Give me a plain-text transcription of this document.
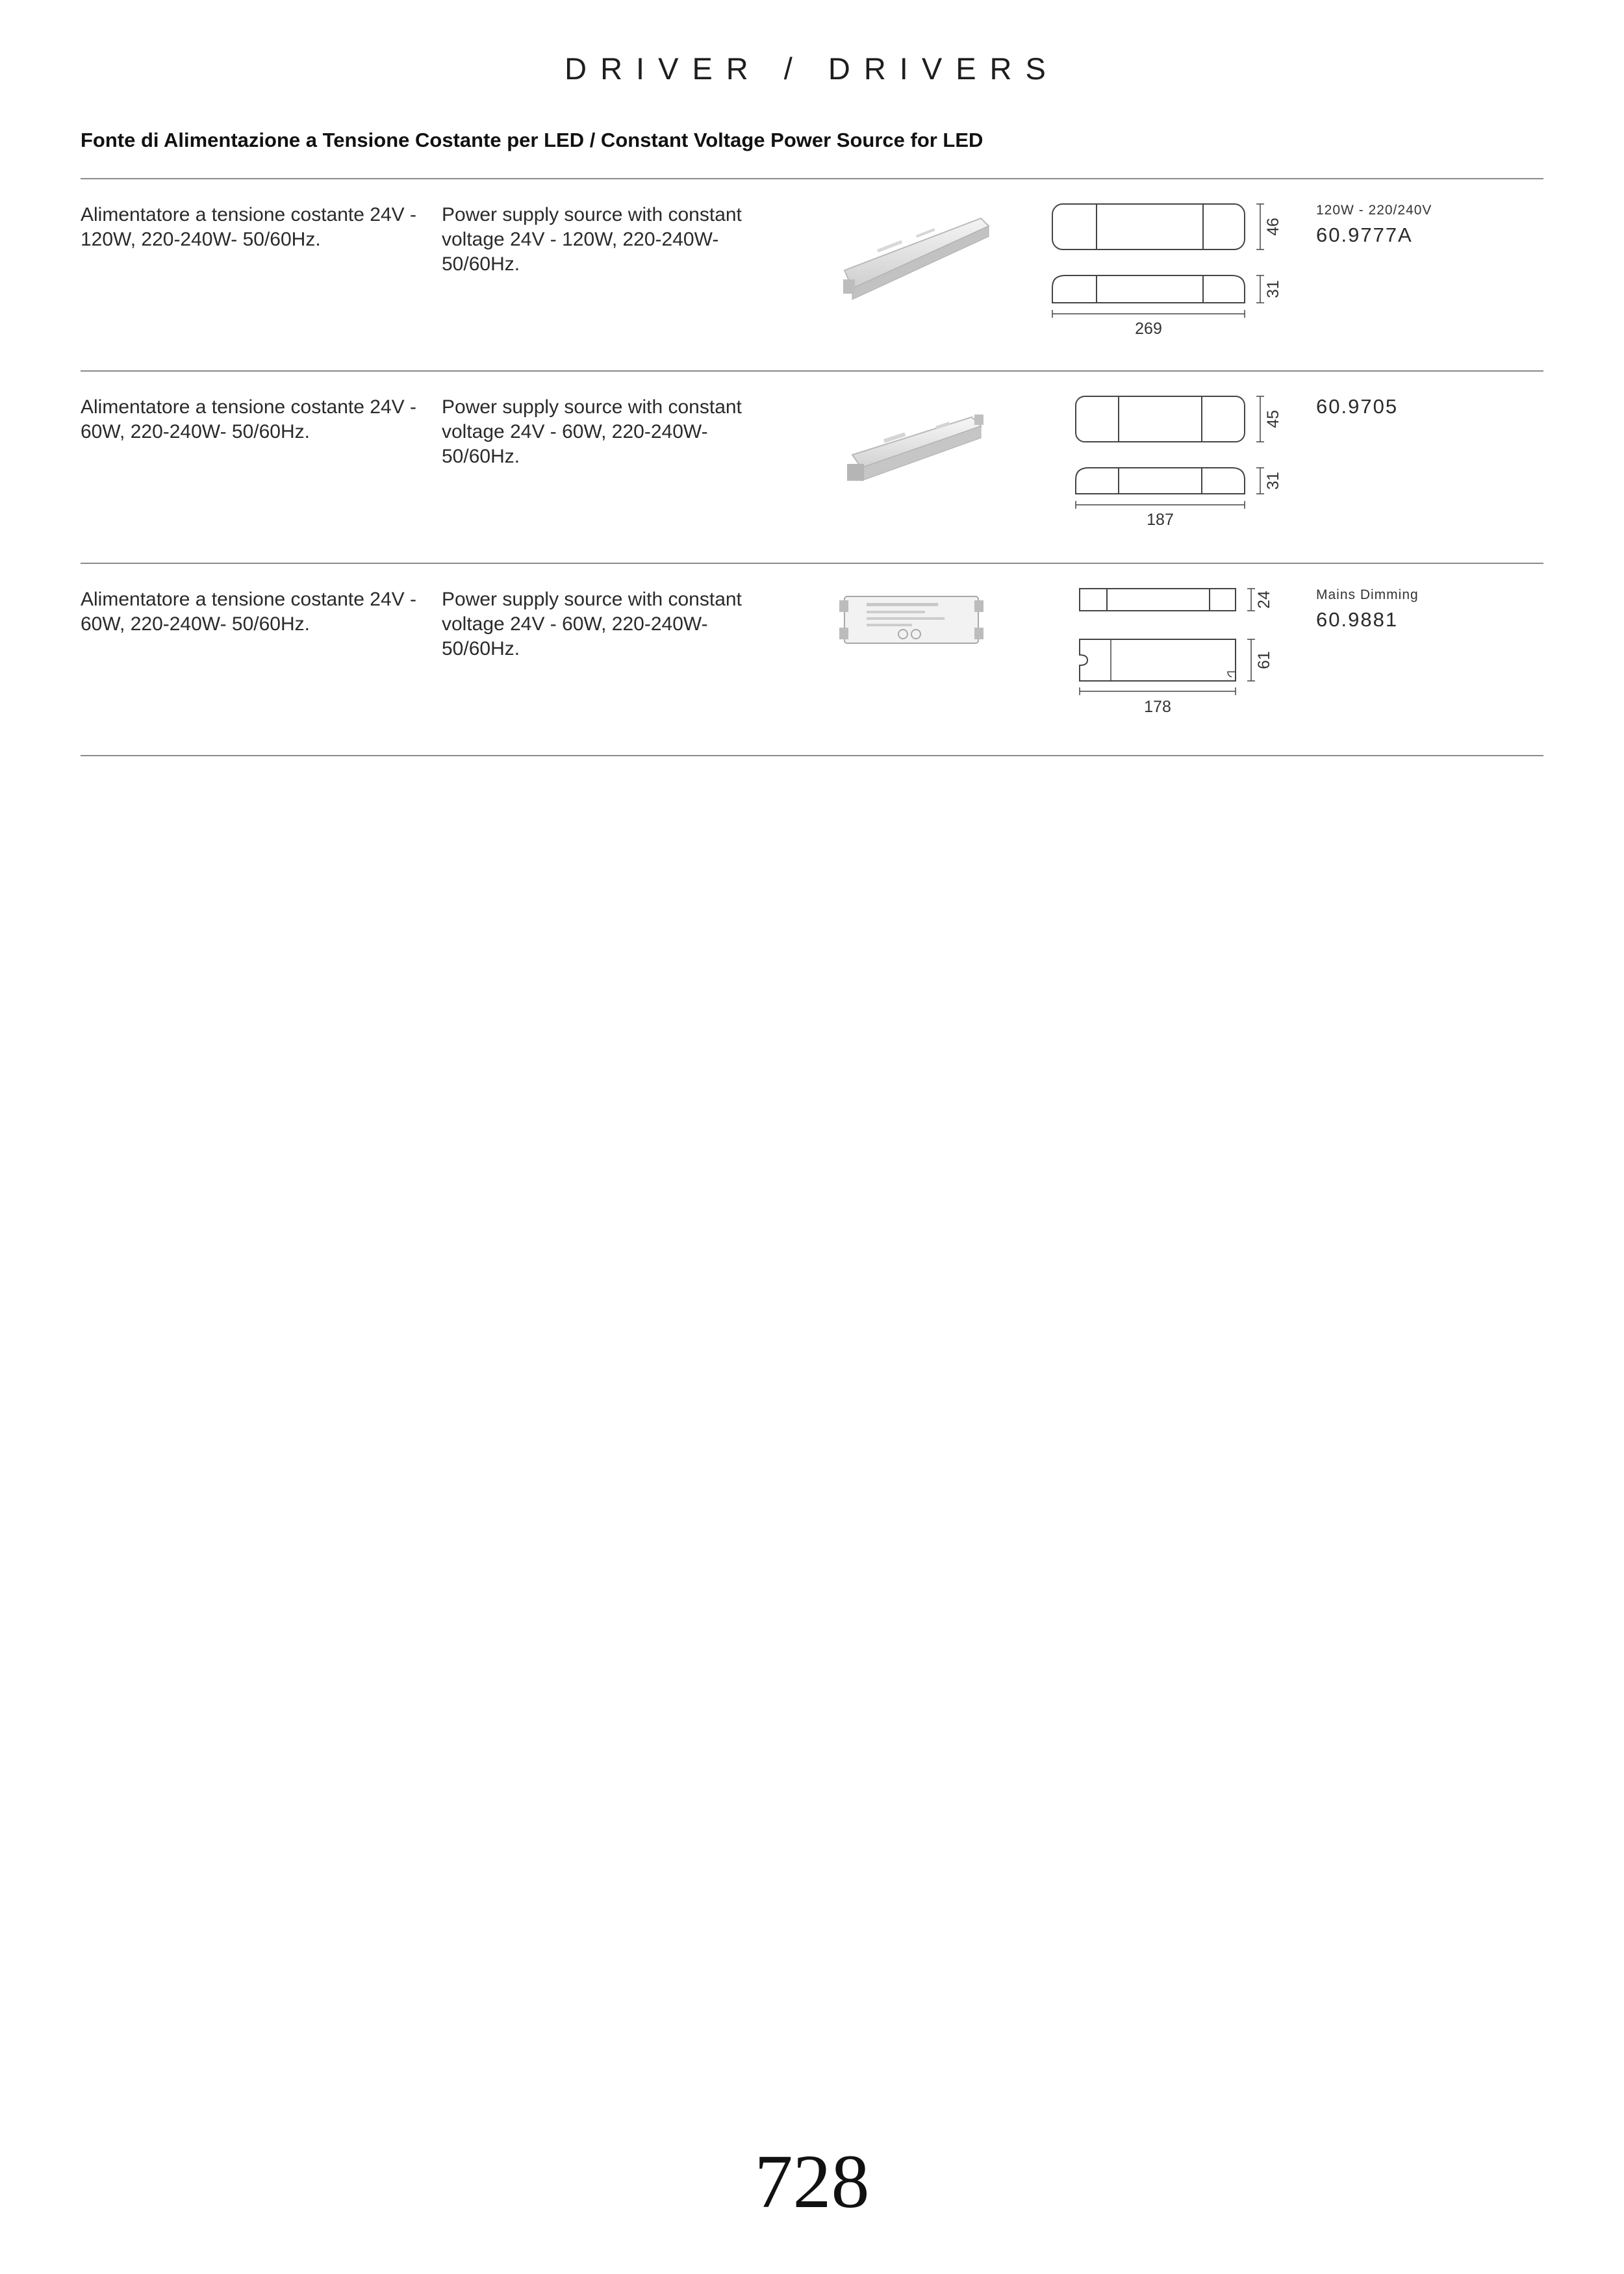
DRIVER / DRIVERS
Fonte di Alimentazione a Tensione Costante per LED / Constant Voltage Power Source for LED
Alimentatore a tensione costante 24V - 120W, 220-240W- 50/60Hz.
Power supply source with constant voltage 24V - 120W, 220-240W- 50/60Hz.
46
31
269
120W - 220/240V
60.9777A
Alimentatore a tensione costante 24V - 60W, 220-240W- 50/60Hz.
Power supply source with constant voltage 24V - 60W, 220-240W- 50/60Hz.
45
31
187
60.9705
Alimentatore a tensione costante 24V - 60W, 220-240W- 50/60Hz.
Power supply source with constant voltage 24V - 60W, 220-240W- 50/60Hz.
24
61
178
Mains Dimming
60.9881
728
